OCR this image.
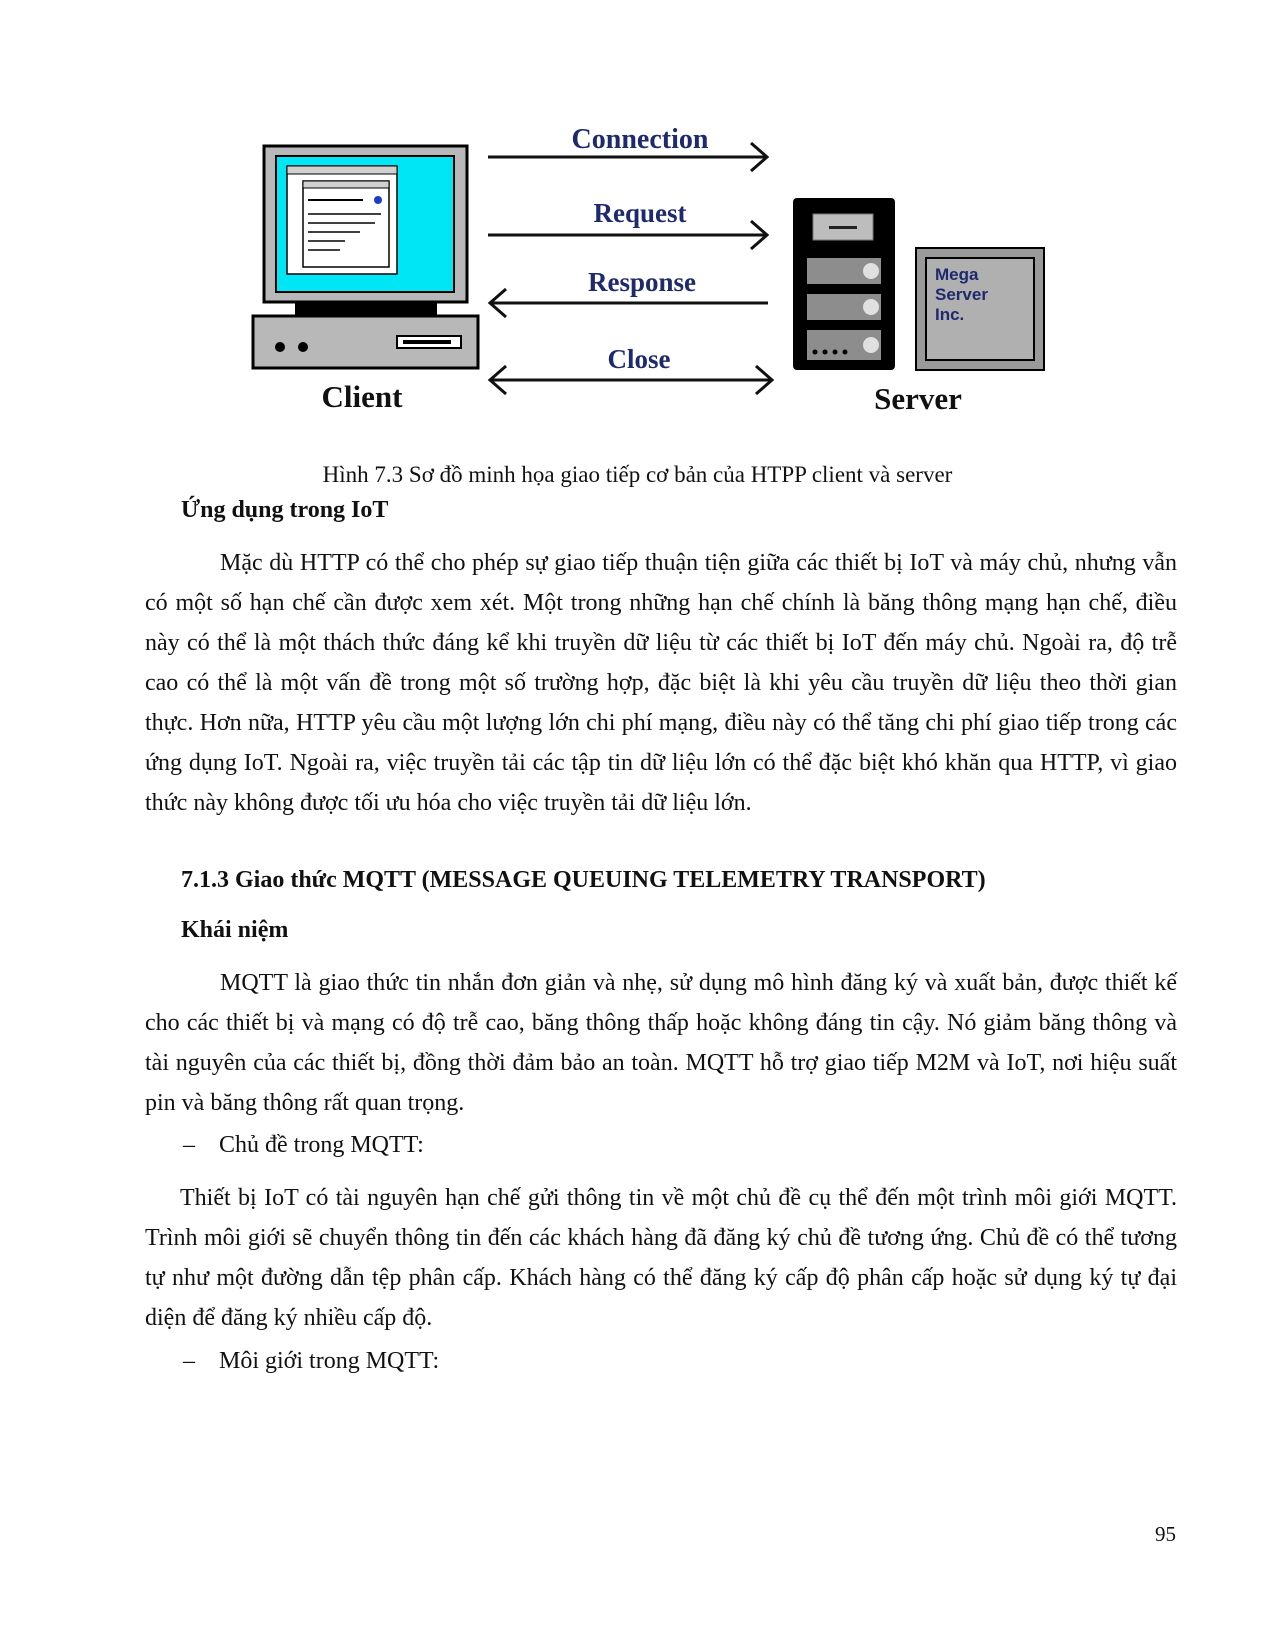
Connection
Request
Response
Close
Mega
Server
Inc.
Client	Server
Hình 7.3 Sơ đồ minh họa giao tiếp cơ bản của HTPP client và server
Ứng dụng trong IoT

Mặc dù HTTP có thể cho phép sự giao tiếp thuận tiện giữa các thiết bị IoT và máy chủ, nhưng vẫn có một số hạn chế cần được xem xét. Một trong những hạn chế chính là băng thông mạng hạn chế, điều này có thể là một thách thức đáng kể khi truyền dữ liệu từ các thiết bị IoT đến máy chủ. Ngoài ra, độ trễ cao có thể là một vấn đề trong một số trường hợp, đặc biệt là khi yêu cầu truyền dữ liệu theo thời gian thực. Hơn nữa, HTTP yêu cầu một lượng lớn chi phí mạng, điều này có thể tăng chi phí giao tiếp trong các ứng dụng IoT. Ngoài ra, việc truyền tải các tập tin dữ liệu lớn có thể đặc biệt khó khăn qua HTTP, vì giao thức này không được tối ưu hóa cho việc truyền tải dữ liệu lớn.

7.1.3 Giao thức MQTT (MESSAGE QUEUING TELEMETRY TRANSPORT)
Khái niệm

MQTT là giao thức tin nhắn đơn giản và nhẹ, sử dụng mô hình đăng ký và xuất bản, được thiết kế cho các thiết bị và mạng có độ trễ cao, băng thông thấp hoặc không đáng tin cậy. Nó giảm băng thông và tài nguyên của các thiết bị, đồng thời đảm bảo an toàn. MQTT hỗ trợ giao tiếp M2M và IoT, nơi hiệu suất pin và băng thông rất quan trọng.

– Chủ đề trong MQTT:

Thiết bị IoT có tài nguyên hạn chế gửi thông tin về một chủ đề cụ thể đến một trình môi giới MQTT. Trình môi giới sẽ chuyển thông tin đến các khách hàng đã đăng ký chủ đề tương ứng. Chủ đề có thể tương tự như một đường dẫn tệp phân cấp. Khách hàng có thể đăng ký cấp độ phân cấp hoặc sử dụng ký tự đại diện để đăng ký nhiều cấp độ.

– Môi giới trong MQTT:
95
